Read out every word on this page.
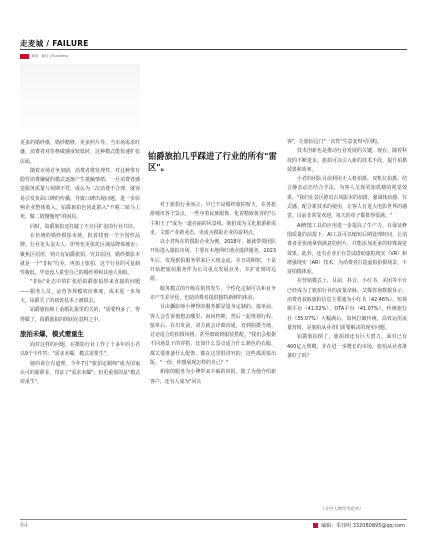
走麦城 / FAILURE
B财 · 商评 | Business

更多的婚纱摄，婚纱精修，更多照片等。当市场需求旺盛，消费者对价格敏感度较低时，这种模式能快速扩张店面。

随着市场竞争加剧，消费者愈发理性，对这种带有隐性消费嫌疑的模式逐渐产生抵触情绪。一旦消费者感觉服务质量与预期不符，或认为二次消费不合理，就容易引发负面口碑的传播，导致口碑出现问题，进一步影响企业整体收入。铂爵旅拍也因此陷入"不脱二销马上死，做二销慢慢死"的困局。

同时，铂爵旅拍还打破了不宣目扩张的行业共识。

在传统的婚纱摄影市场，批着找到一个全国性品牌，行业龙头金夫人、伊势也更依托区域品牌体城市；聚焦区招形，则只有铂爵旅拍，究其原因，婚纱摄影本就是一个"非标"行业，再加上旅拍，这个行业的可复制性极低，毕竟没人希望自己的婚纱照和其他人相似。

"非标"业态中的扩张给铂爵旅拍带来直接的问题——服务人员、运营等规模效应难度，或未进一步加大，铂爵失了的初衷基本上被损去。

铂爵旅拍和上重婚礼报里的关的，"需要得多了，得得做了，铂爵旅拍的倒闭在意料之中。

旅拍未爆，模式需重生

面对这样的问题，在摄影行业工作了十多年的小君以9个字作答："需求未爆，模式需要生"。

她的说自有道理。今年7月"旅拍定制师"成为国家认可的新职业，印证了"需求未爆"，但更重要的是"模式需重生"。

铂爵旅拍几乎踩进了行业的所有"雷区"。

对于旅拍行业而言，早已不是婚纱旅拍喧大，在各旅游城市各个景点，一些身着民族服饰，化着精致妆容的"公主和王子"成为一道亮丽的风景线。旅拍成为文化旅游新需求，文旅产业新业态，更成为摄影企业的盈利点。

以小君所在的摄影企业为例，2018年，她就带领团队开始进入旅拍市场。主要在本地网红地点提供服务。2023年后，发现旅拍服务带来巨大现金流，并且周期短，于是开始把旅拍服务作为公司重点发展业务，并扩宽到周边游。

服务模式的升级在销售发生。个性化定制可以和良争差产生差异化，也助消费者提供独特新鲜的体验。

目由攝影师小傅得的服务都是量身定制的。接单前，客人会告诉他想去哪里、询问档期，然后一起规划行程。接单后，在出发前，双方就会详细沟通，直到拍摄当地、讨论适合的拍摄风格，甚至细致到服装搭配。"我们会根据不同场景下的穿搭，比如什么景点适合什么颜色的衣服，都关要准备什么配饰，都在这里很讲究的，这些都需要出版。"一份：你想展现怎样的自己？"

相依的服务为小傅带来丰硕的回报，除了为他介绍新客户，还有人成为"回头

客"，让旅拍这门"一次性"生意变得可回购。

技术创新也是推动行业发展的关键。现在，随着科技的不断进步，旅拍可以引入新的技术手段，提升拍摄效果和效率。

小君的团队目前利用无人机拍摄、双机位拍摄、结合静态动态结合手法，为客人呈现更加震撼的视觉效果。"我们在景区推出古风版本的拍摄，强调体验感、仪式感，配合新技术的使用，让客人有进入电影世界的感觉。目前非常受欢迎，每天的单子都排得很满。"

AI修图工具的应用进一步提高了生产力，在保证修图质量的前提下，AI工具可以缩短后期处理时间，让消费者更快地拿到满意的照片，并能添加更多的特殊视觉效果。此外，还有企业正在尝试借助虚拟现实（VR）和增强现实（AR）技术，为消费者打造虚拟拍摄场景，丰富拍摄体验。

在营销模式上，目前，抖音、小红书、美团等平台已经成为了旅拍行业的流量命脉。艾媒咨询数据显示，消费者获取旅拍信息主要通为小红书（42.46%）、短视频平台（41.02%）、OTA平台（41.07%）。传统旅行社（35.07%）大幅满后。如何打破传统，高效运用流量营销，是旅拍从业者们需要解决的现实问题。

铂爵旅拍倒了，旅拍却还有巨大潜力。面对已有400亿元规模，并在进一步增长的市场，旅拍从业者准备好了吗？

（文中人物均为化名）
84	编辑：朱伟明 332080895@qq.com
